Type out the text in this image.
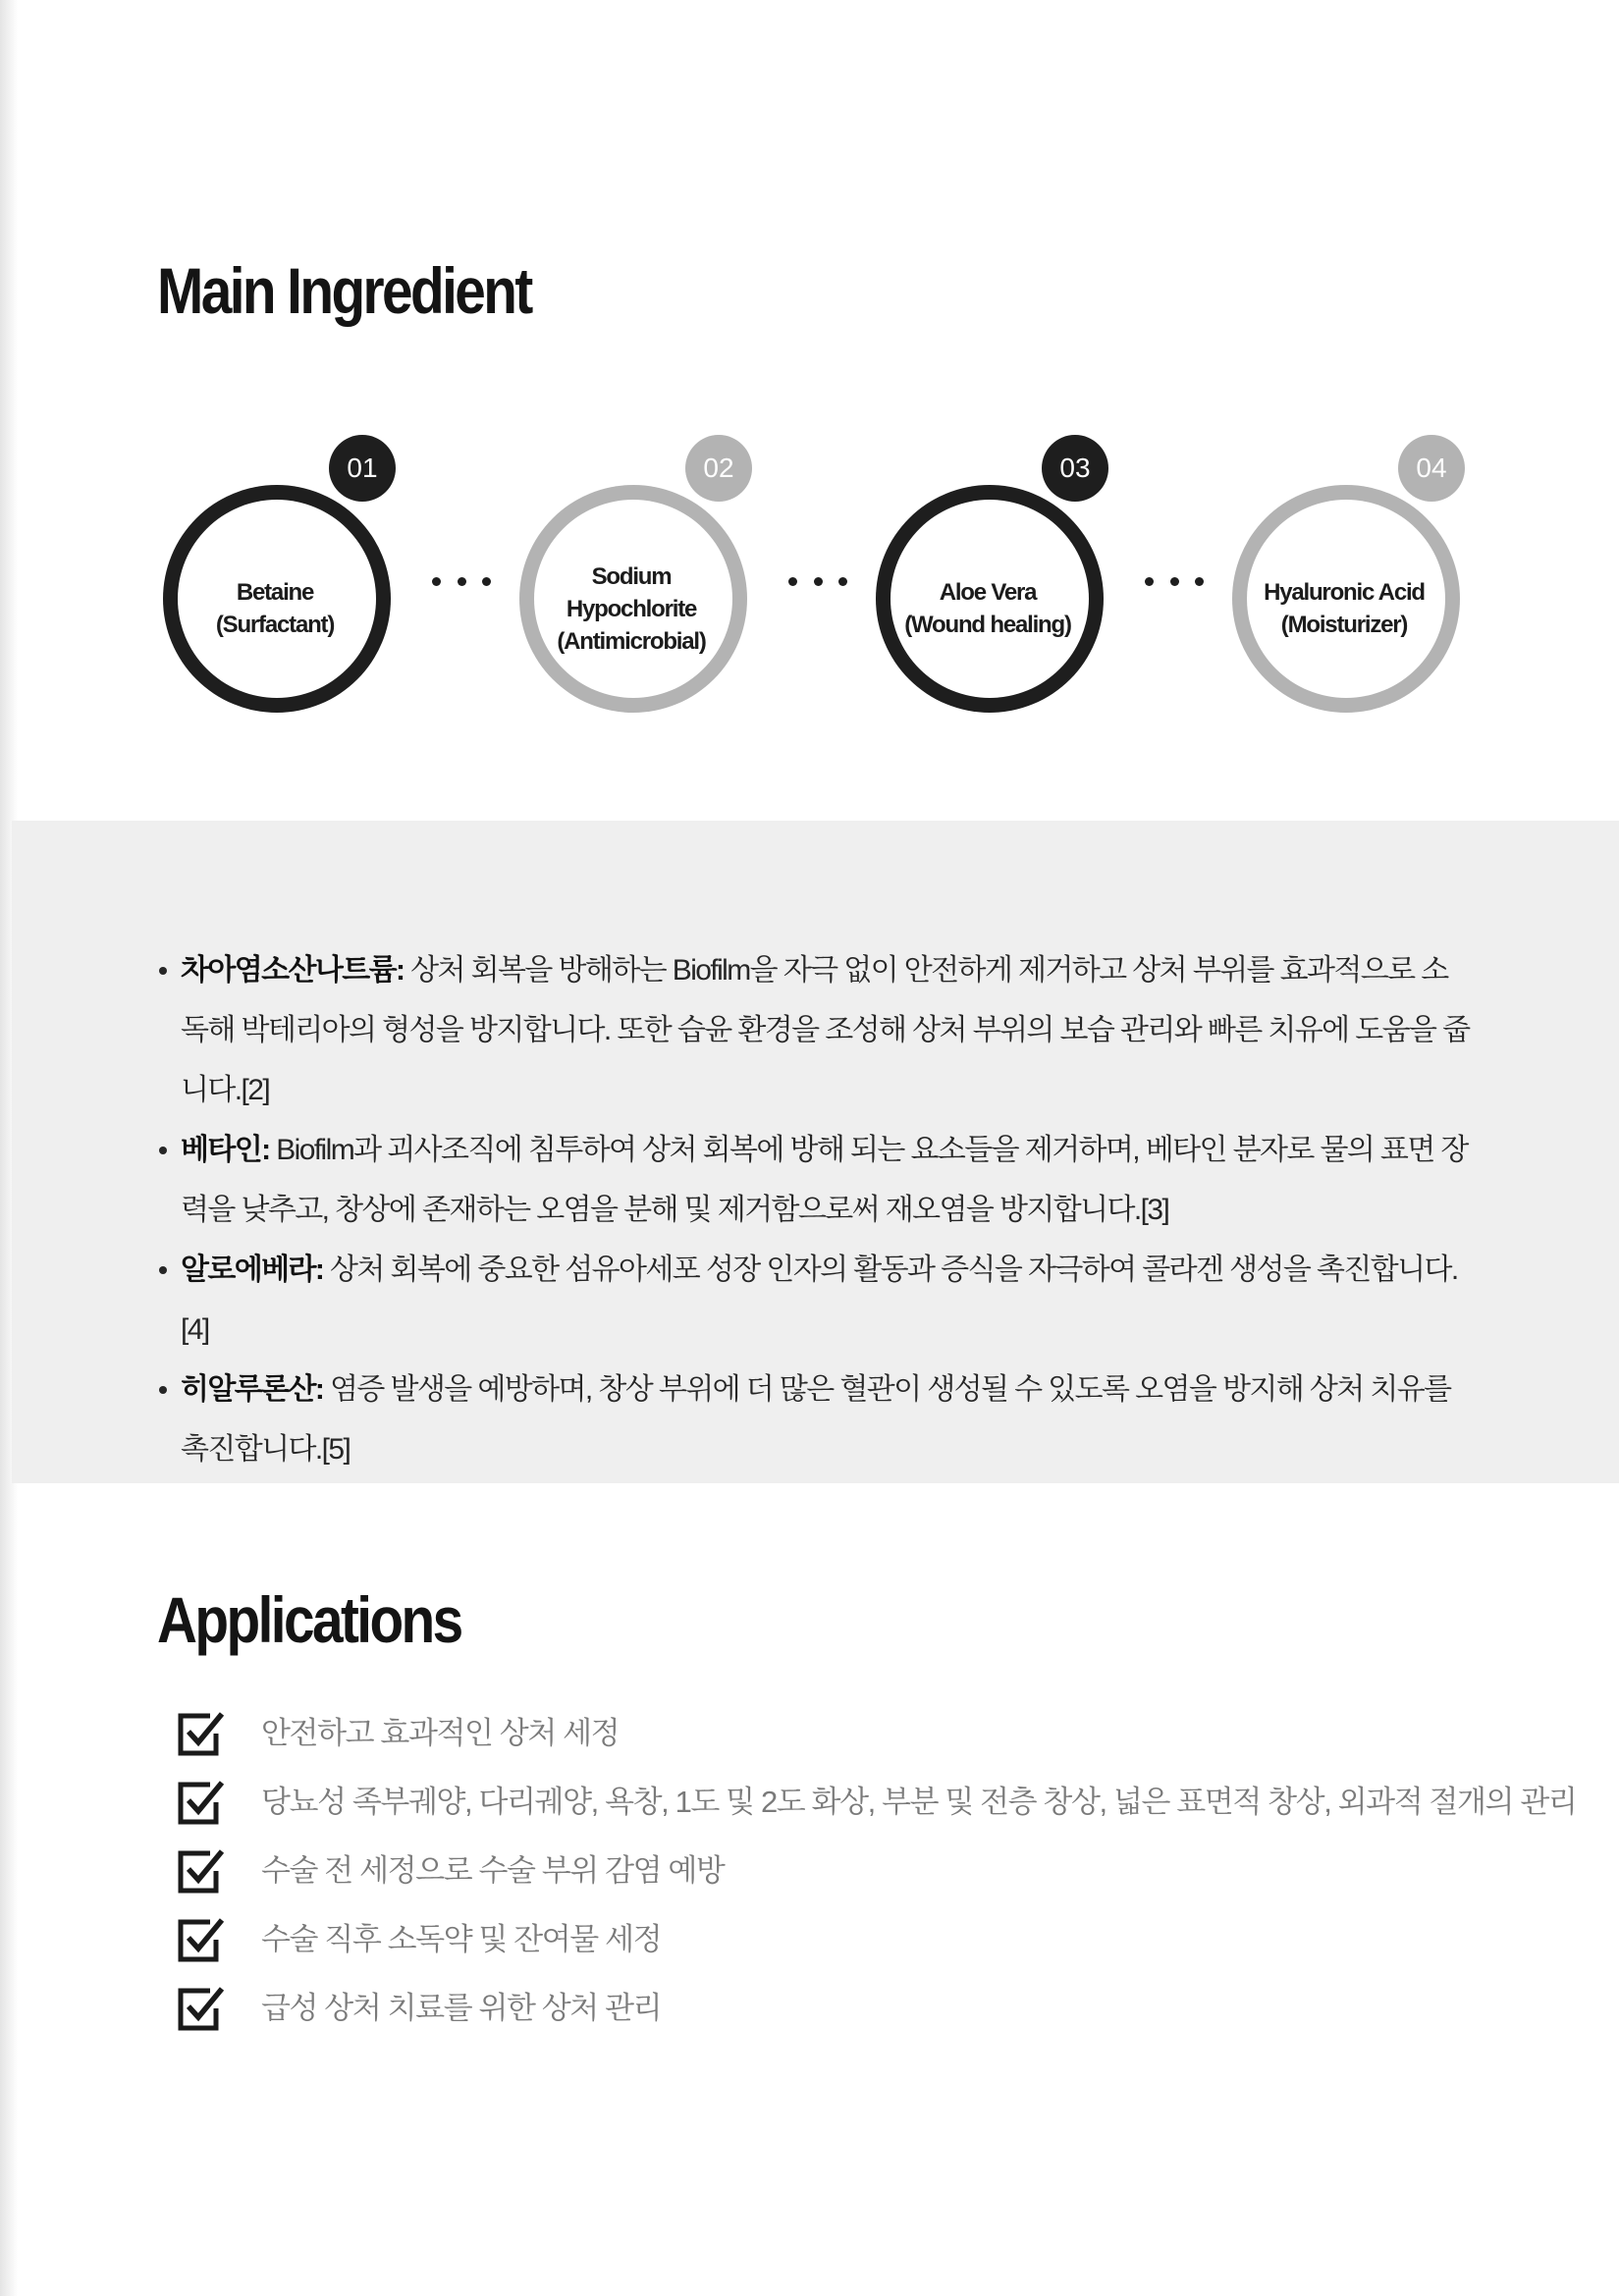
Main Ingredient
01
Betaine
(Surfactant)
02
Sodium
Hypochlorite
(Antimicrobial)
03
Aloe Vera
(Wound healing)
04
Hyaluronic Acid
(Moisturizer)
차아염소산나트륨: 상처 회복을 방해하는 Biofilm을 자극 없이 안전하게 제거하고 상처 부위를 효과적으로 소독해 박테리아의 형성을 방지합니다. 또한 습윤 환경을 조성해 상처 부위의 보습 관리와 빠른 치유에 도움을 줍니다.[2]
베타인: Biofilm과 괴사조직에 침투하여 상처 회복에 방해 되는 요소들을 제거하며, 베타인 분자로 물의 표면 장력을 낮추고, 창상에 존재하는 오염을 분해 및 제거함으로써 재오염을 방지합니다.[3]
알로에베라: 상처 회복에 중요한 섬유아세포 성장 인자의 활동과 증식을 자극하여 콜라겐 생성을 촉진합니다.[4]
히알루론산: 염증 발생을 예방하며, 창상 부위에 더 많은 혈관이 생성될 수 있도록 오염을 방지해 상처 치유를 촉진합니다.[5]
Applications
안전하고 효과적인 상처 세정
당뇨성 족부궤양, 다리궤양, 욕창, 1도 및 2도 화상, 부분 및 전층 창상, 넓은 표면적 창상, 외과적 절개의 관리
수술 전 세정으로 수술 부위 감염 예방
수술 직후 소독약 및 잔여물 세정
급성 상처 치료를 위한 상처 관리
